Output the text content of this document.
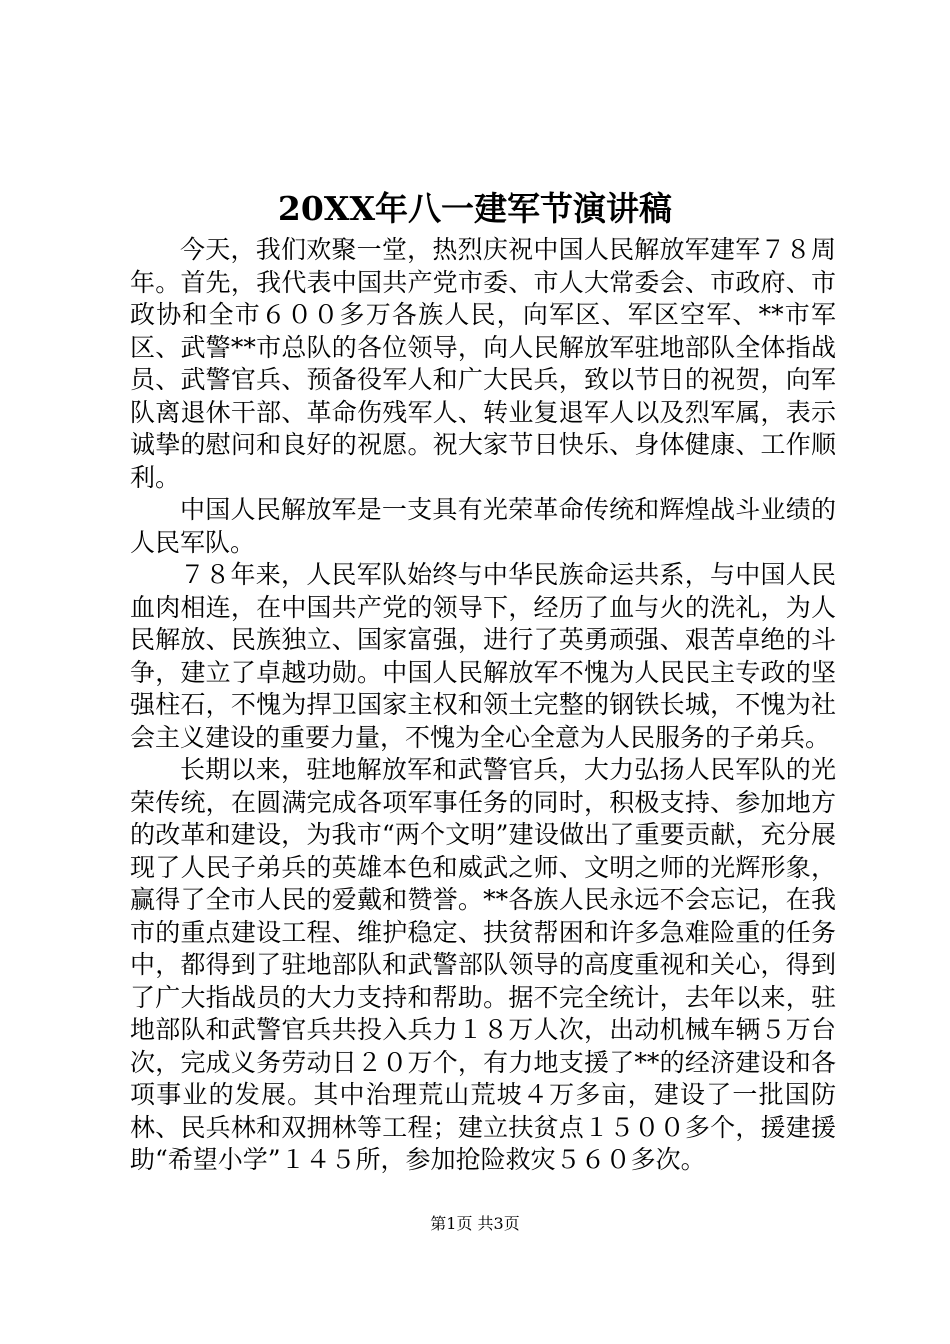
20XX年八一建军节演讲稿

今天，我们欢聚一堂，热烈庆祝中国人民解放军建军７８周年。首先，我代表中国共产党市委、市人大常委会、市政府、市政协和全市６００多万各族人民，向军区、军区空军、**市军区、武警**市总队的各位领导，向人民解放军驻地部队全体指战员、武警官兵、预备役军人和广大民兵，致以节日的祝贺，向军队离退休干部、革命伤残军人、转业复退军人以及烈军属，表示诚挚的慰问和良好的祝愿。祝大家节日快乐、身体健康、工作顺利。

中国人民解放军是一支具有光荣革命传统和辉煌战斗业绩的人民军队。

７８年来，人民军队始终与中华民族命运共系，与中国人民血肉相连，在中国共产党的领导下，经历了血与火的洗礼，为人民解放、民族独立、国家富强，进行了英勇顽强、艰苦卓绝的斗争，建立了卓越功勋。中国人民解放军不愧为人民民主专政的坚强柱石，不愧为捍卫国家主权和领土完整的钢铁长城，不愧为社会主义建设的重要力量，不愧为全心全意为人民服务的子弟兵。

长期以来，驻地解放军和武警官兵，大力弘扬人民军队的光荣传统，在圆满完成各项军事任务的同时，积极支持、参加地方的改革和建设，为我市“两个文明”建设做出了重要贡献，充分展现了人民子弟兵的英雄本色和威武之师、文明之师的光辉形象，赢得了全市人民的爱戴和赞誉。**各族人民永远不会忘记，在我市的重点建设工程、维护稳定、扶贫帮困和许多急难险重的任务中，都得到了驻地部队和武警部队领导的高度重视和关心，得到了广大指战员的大力支持和帮助。据不完全统计，去年以来，驻地部队和武警官兵共投入兵力１８万人次，出动机械车辆５万台次，完成义务劳动日２０万个，有力地支援了**的经济建设和各项事业的发展。其中治理荒山荒坡４万多亩，建设了一批国防林、民兵林和双拥林等工程；建立扶贫点１５００多个，援建援助“希望小学”１４５所，参加抢险救灾５６０多次。

第1页 共3页
